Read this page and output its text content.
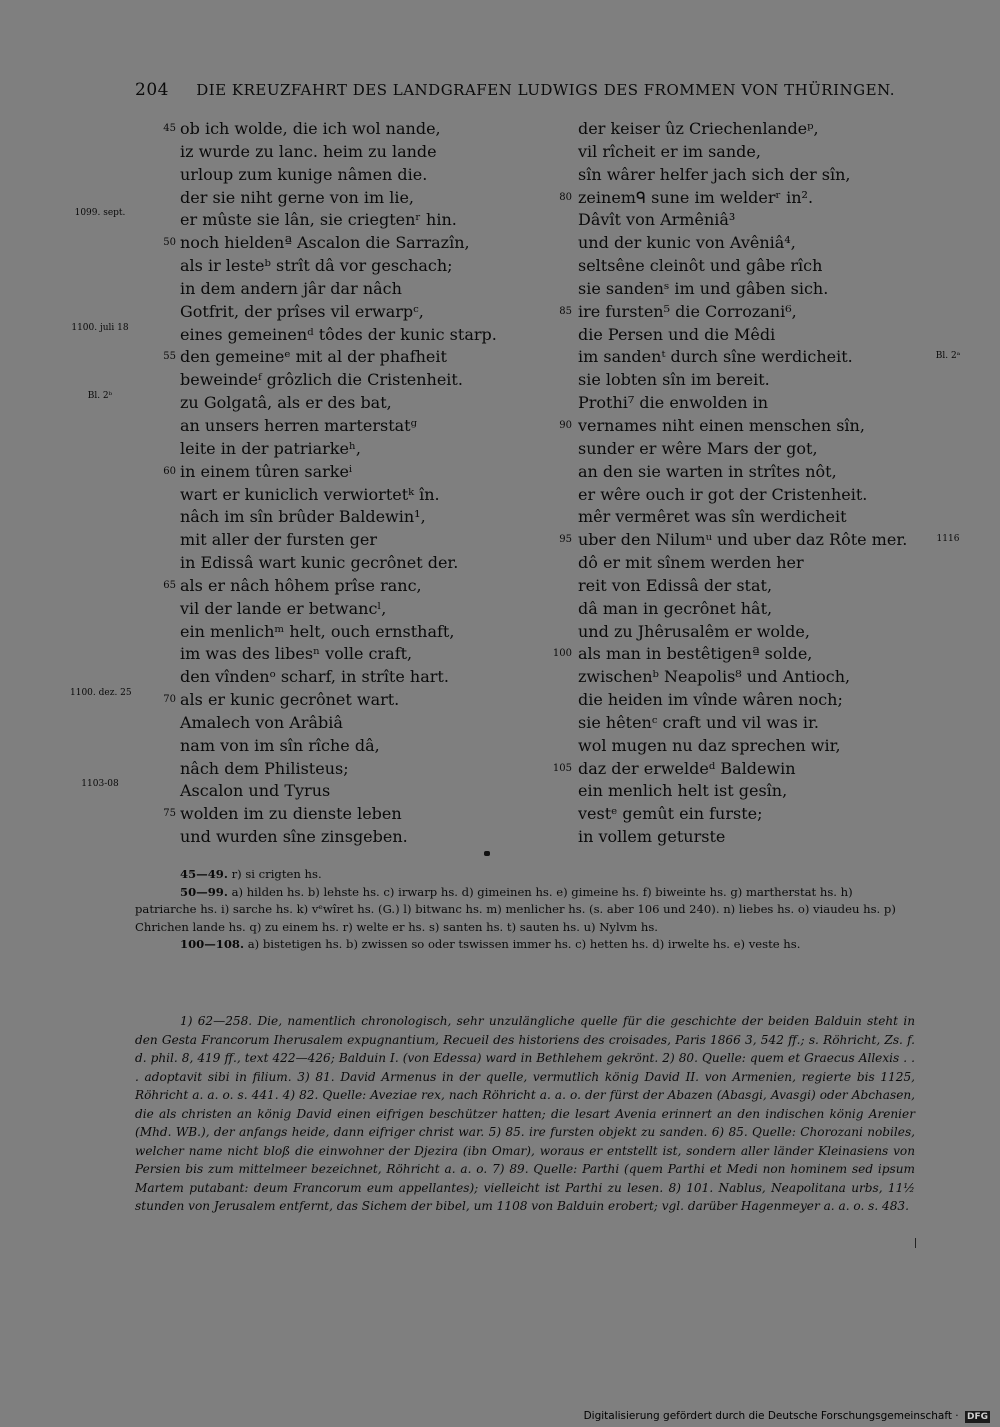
204 DIE KREUZFAHRT DES LANDGRAFEN LUDWIGS DES FROMMEN VON THÜRINGEN.
45 ob ich wolde, die ich wol nande,
iz wurde zu lanc. heim zu lande
urloup zum kunige nâmen die.
der sie niht gerne von im lie,
er mûste sie lân, sie criegtenʳ hin.
1099. sept.
50 noch hieldenª Ascalon die Sarrazîn,
als ir lesteᵇ strît dâ vor geschach;
in dem andern jâr dar nâch
Gotfrit, der prîses vil erwarpᶜ,
eines gemeinenᵈ tôdes der kunic starp.
1100. juli 18
55 den gemeineᵉ mit al der phafheit
beweindeᶠ grôzlich die Cristenheit.
zu Golgatâ, als er des bat,
Bl. 2ᵇ
an unsers herren marterstatᵍ
leite in der patriarkeʰ,
60 in einem tûren sarkeⁱ
wart er kuniclich verwiortetᵏ în.
nâch im sîn brûder Baldewin¹,
mit aller der fursten ger
in Edissâ wart kunic gecrônet der.
65 als er nâch hôhem prîse ranc,
vil der lande er betwancˡ,
ein menlichᵐ helt, ouch ernsthaft,
im was des libesⁿ volle craft,
den vîndenᵒ scharf, in strîte hart.
70 als er kunic gecrônet wart.
1100. dez. 25
Amalech von Arâbiâ
nam von im sîn rîche dâ,
nâch dem Philisteus;
Ascalon und Tyrus
1103-08
75 wolden im zu dienste leben
und wurden sîne zinsgeben.
der keiser ûz Criechenlandeᵖ,
vil rîcheit er im sande,
sîn wârer helfer jach sich der sîn,
80 zeinemᑫ sune im welderʳ in².
Dâvît von Armêniâ³
und der kunic von Avêniâ⁴,
seltsêne cleinôt und gâbe rîch
sie sandenˢ im und gâben sich.
85 ire fursten⁵ die Corrozani⁶,
die Persen und die Mêdi
im sandenᵗ durch sîne werdicheit.	Bl. 2ᵃ
sie lobten sîn im bereit.
Prothi⁷ die enwolden in
90 vernames niht einen menschen sîn,
sunder er wêre Mars der got,
an den sie warten in strîtes nôt,
er wêre ouch ir got der Cristenheit.
mêr vermêret was sîn werdicheit
95 uber den Nilumᵘ und uber daz Rôte mer.	1116
dô er mit sînem werden her
reit von Edissâ der stat,
dâ man in gecrônet hât,
und zu Jhêrusalêm er wolde,
100 als man in bestêtigenª solde,
zwischenᵇ Neapolis⁸ und Antioch,
die heiden im vînde wâren noch;
sie hêtenᶜ craft und vil was ir.
wol mugen nu daz sprechen wir,
105 daz der erweldeᵈ Baldewin
ein menlich helt ist gesîn,
vestᵉ gemût ein furste;
in vollem geturste

45—49. r) si crigten hs.

50—99. a) hilden hs. b) lehste hs. c) irwarp hs. d) gimeinen hs. e) gimeine hs. f) biweinte hs. g) martherstat hs. h) patriarche hs. i) sarche hs. k) vᵉwîret hs. (G.) l) bitwanc hs. m) menlicher hs. (s. aber 106 und 240). n) liebes hs. o) viaudeu hs. p) Chrichen lande hs. q) zu einem hs. r) welte er hs. s) santen hs. t) sauten hs. u) Nylvm hs.

100—108. a) bistetigen hs. b) zwissen so oder tswissen immer hs. c) hetten hs. d) irwelte hs. e) veste hs.

1) 62—258. Die, namentlich chronologisch, sehr unzulängliche quelle für die geschichte der beiden Balduin steht in den Gesta Francorum Iherusalem expugnantium, Recueil des historiens des croisades, Paris 1866 3, 542 ff.; s. Röhricht, Zs. f. d. phil. 8, 419 ff., text 422—426; Balduin I. (von Edessa) ward in Bethlehem gekrönt. 2) 80. Quelle: quem et Graecus Allexis . . . adoptavit sibi in filium. 3) 81. David Armenus in der quelle, vermutlich könig David II. von Armenien, regierte bis 1125, Röhricht a. a. o. s. 441. 4) 82. Quelle: Aveziae rex, nach Röhricht a. a. o. der fürst der Abazen (Abasgi, Avasgi) oder Abchasen, die als christen an könig David einen eifrigen beschützer hatten; die lesart Avenia erinnert an den indischen könig Arenier (Mhd. WB.), der anfangs heide, dann eifriger christ war. 5) 85. ire fursten objekt zu sanden. 6) 85. Quelle: Chorozani nobiles, welcher name nicht bloß die einwohner der Djezira (ibn Omar), woraus er entstellt ist, sondern aller länder Kleinasiens von Persien bis zum mittelmeer bezeichnet, Röhricht a. a. o. 7) 89. Quelle: Parthi (quem Parthi et Medi non hominem sed ipsum Martem putabant: deum Francorum eum appellantes); vielleicht ist Parthi zu lesen. 8) 101. Nablus, Neapolitana urbs, 11½ stunden von Jerusalem entfernt, das Sichem der bibel, um 1108 von Balduin erobert; vgl. darüber Hagenmeyer a. a. o. s. 483.
Digitalisierung gefördert durch die Deutsche Forschungsgemeinschaft · DFG
